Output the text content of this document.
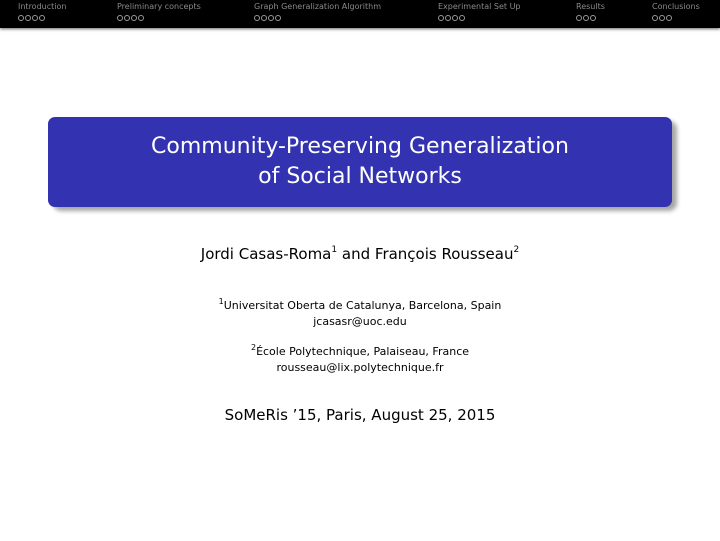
Introduction	Preliminary concepts	Graph Generalization Algorithm	Experimental Set Up	Results	Conclusions
Community-Preserving Generalization
of Social Networks
Jordi Casas-Roma$^1$ and François Rousseau$^2$
$^1$Universitat Oberta de Catalunya, Barcelona, Spain
jcasasr@uoc.edu
$^2$École Polytechnique, Palaiseau, France
rousseau@lix.polytechnique.fr
SoMeRis ’15, Paris, August 25, 2015
